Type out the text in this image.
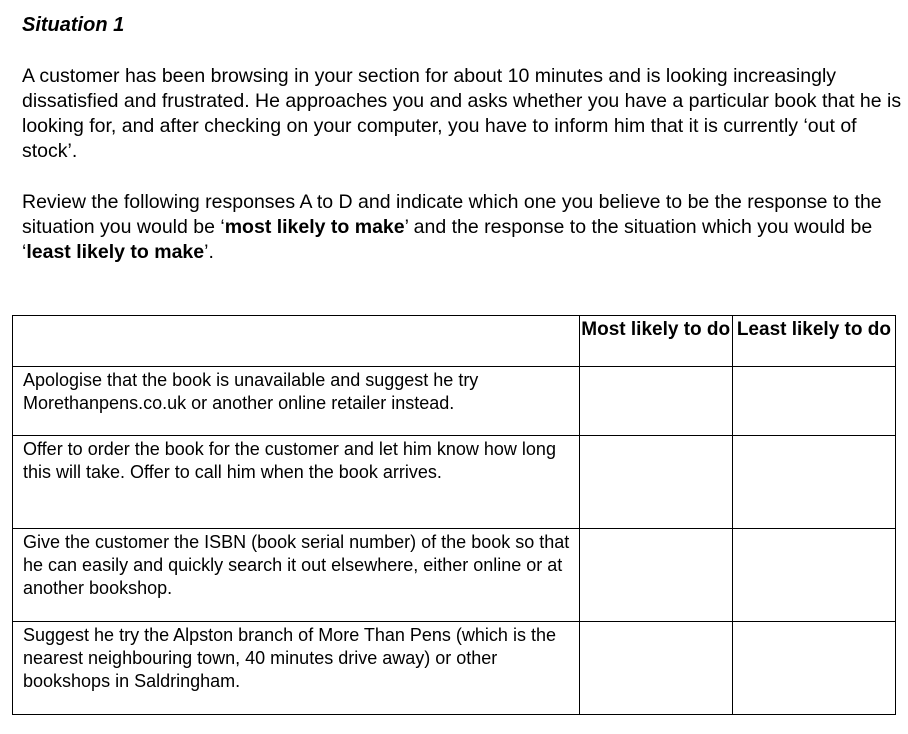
Situation 1

A customer has been browsing in your section for about 10 minutes and is looking increasingly dissatisfied and frustrated. He approaches you and asks whether you have a particular book that he is looking for, and after checking on your computer, you have to inform him that it is currently ‘out of stock’.

Review the following responses A to D and indicate which one you believe to be the response to the situation you would be ‘most likely to make’ and the response to the situation which you would be ‘least likely to make’.

	Most likely to do	Least likely to do
Apologise that the book is unavailable and suggest he try Morethanpens.co.uk or another online retailer instead.		
Offer to order the book for the customer and let him know how long this will take. Offer to call him when the book arrives.		
Give the customer the ISBN (book serial number) of the book so that he can easily and quickly search it out elsewhere, either online or at another bookshop.		
Suggest he try the Alpston branch of More Than Pens (which is the nearest neighbouring town, 40 minutes drive away) or other bookshops in Saldringham.		
